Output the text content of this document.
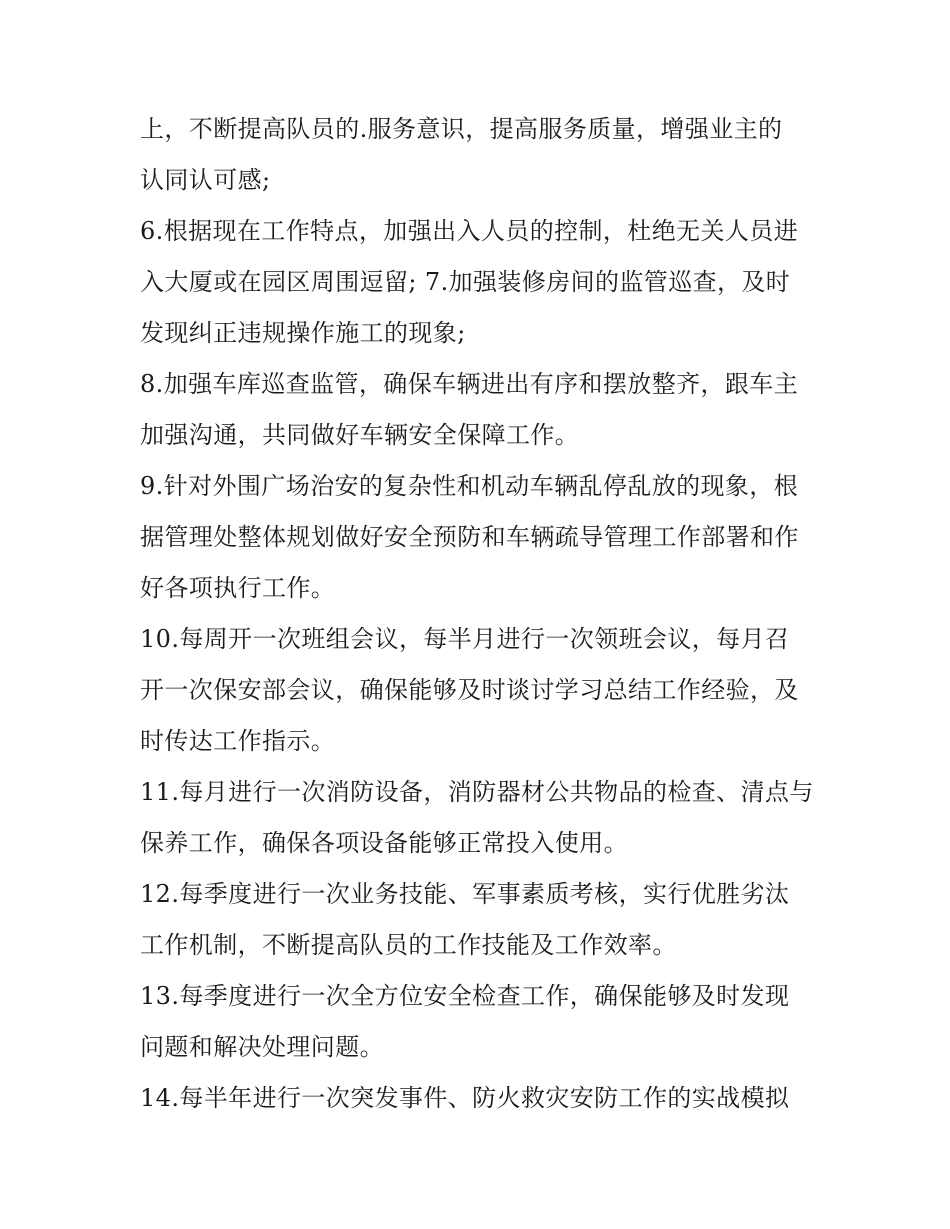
上，不断提高队员的.服务意识，提高服务质量，增强业主的
认同认可感;
6.根据现在工作特点，加强出入人员的控制，杜绝无关人员进
入大厦或在园区周围逗留; 7.加强装修房间的监管巡查，及时
发现纠正违规操作施工的现象;
8.加强车库巡查监管，确保车辆进出有序和摆放整齐，跟车主
加强沟通，共同做好车辆安全保障工作。
9.针对外围广场治安的复杂性和机动车辆乱停乱放的现象，根
据管理处整体规划做好安全预防和车辆疏导管理工作部署和作
好各项执行工作。
10.每周开一次班组会议，每半月进行一次领班会议，每月召
开一次保安部会议，确保能够及时谈讨学习总结工作经验，及
时传达工作指示。
11.每月进行一次消防设备，消防器材公共物品的检查、清点与
保养工作，确保各项设备能够正常投入使用。
12.每季度进行一次业务技能、军事素质考核，实行优胜劣汰
工作机制，不断提高队员的工作技能及工作效率。
13.每季度进行一次全方位安全检查工作，确保能够及时发现
问题和解决处理问题。
14.每半年进行一次突发事件、防火救灾安防工作的实战模拟
